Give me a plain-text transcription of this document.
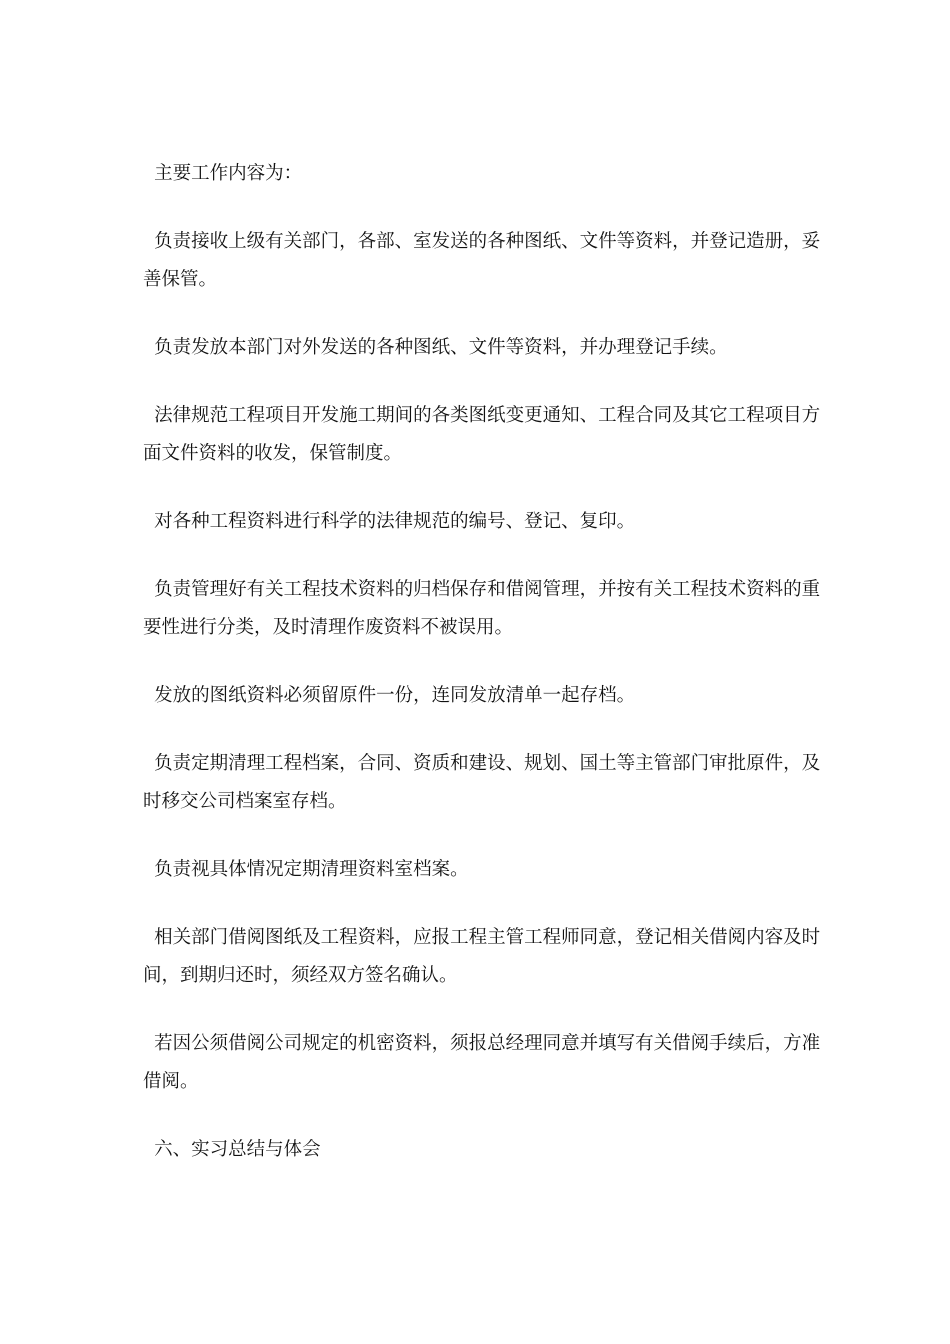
主要工作内容为：

负责接收上级有关部门，各部、室发送的各种图纸、文件等资料，并登记造册，妥善保管。

负责发放本部门对外发送的各种图纸、文件等资料，并办理登记手续。

法律规范工程项目开发施工期间的各类图纸变更通知、工程合同及其它工程项目方面文件资料的收发，保管制度。

对各种工程资料进行科学的法律规范的编号、登记、复印。

负责管理好有关工程技术资料的归档保存和借阅管理，并按有关工程技术资料的重要性进行分类，及时清理作废资料不被误用。

发放的图纸资料必须留原件一份，连同发放清单一起存档。

负责定期清理工程档案，合同、资质和建设、规划、国土等主管部门审批原件，及时移交公司档案室存档。

负责视具体情况定期清理资料室档案。

相关部门借阅图纸及工程资料，应报工程主管工程师同意，登记相关借阅内容及时间，到期归还时，须经双方签名确认。

若因公须借阅公司规定的机密资料，须报总经理同意并填写有关借阅手续后，方准借阅。

六、实习总结与体会
